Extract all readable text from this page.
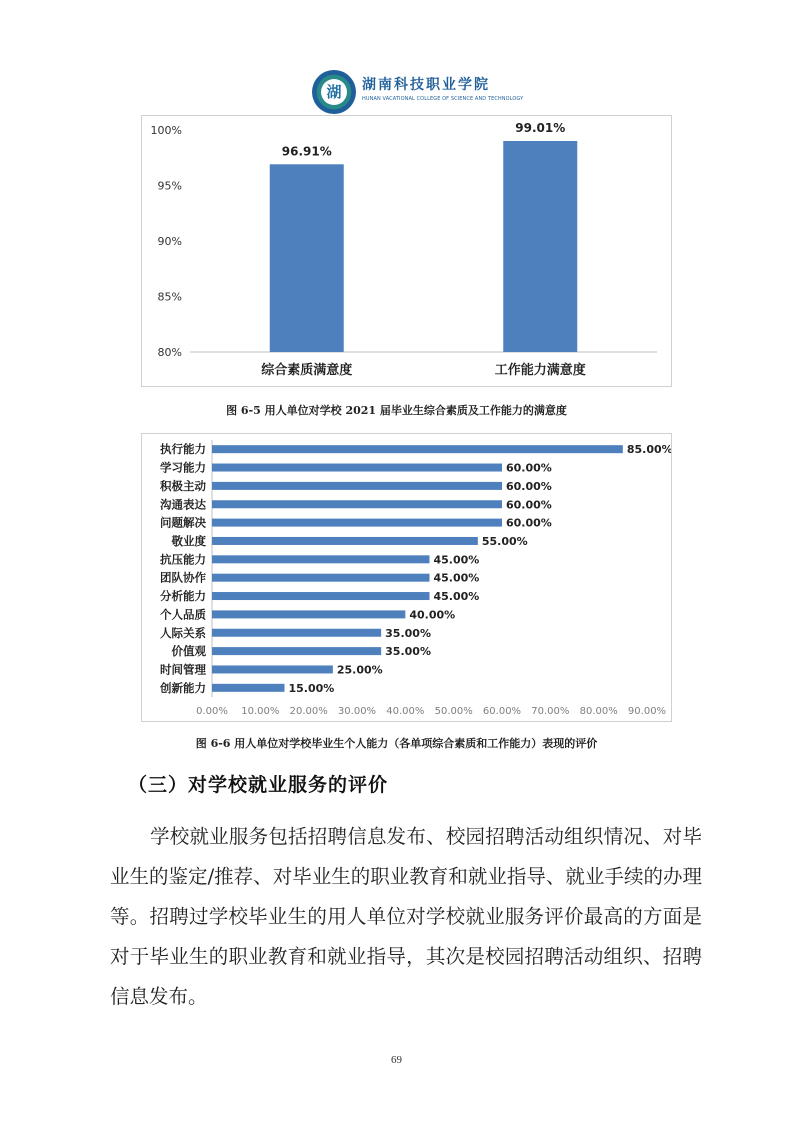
湖	湖南科技职业学院
HUNAN VACATIONAL COLLEGE OF SCIENCE AND TECHNOLOGY
80%
85%
90%
95%
100%
96.91%
综合素质满意度
99.01%
工作能力满意度
图 6-5 用人单位对学校 2021 届毕业生综合素质及工作能力的满意度
0.00% 10.00% 20.00% 30.00% 40.00% 50.00% 60.00% 70.00% 80.00% 90.00%
执行能力	85.00%
学习能力	60.00%
积极主动	60.00%
沟通表达	60.00%
问题解决	60.00%
敬业度	55.00%
抗压能力	45.00%
团队协作	45.00%
分析能力	45.00%
个人品质	40.00%
人际关系	35.00%
价值观	35.00%
时间管理	25.00%
创新能力	15.00%
图 6-6 用人单位对学校毕业生个人能力（各单项综合素质和工作能力）表现的评价
（三）对学校就业服务的评价
学校就业服务包括招聘信息发布、校园招聘活动组织情况、对毕业生的鉴定/推荐、对毕业生的职业教育和就业指导、就业手续的办理等。招聘过学校毕业生的用人单位对学校就业服务评价最高的方面是对于毕业生的职业教育和就业指导，其次是校园招聘活动组织、招聘信息发布。
69
